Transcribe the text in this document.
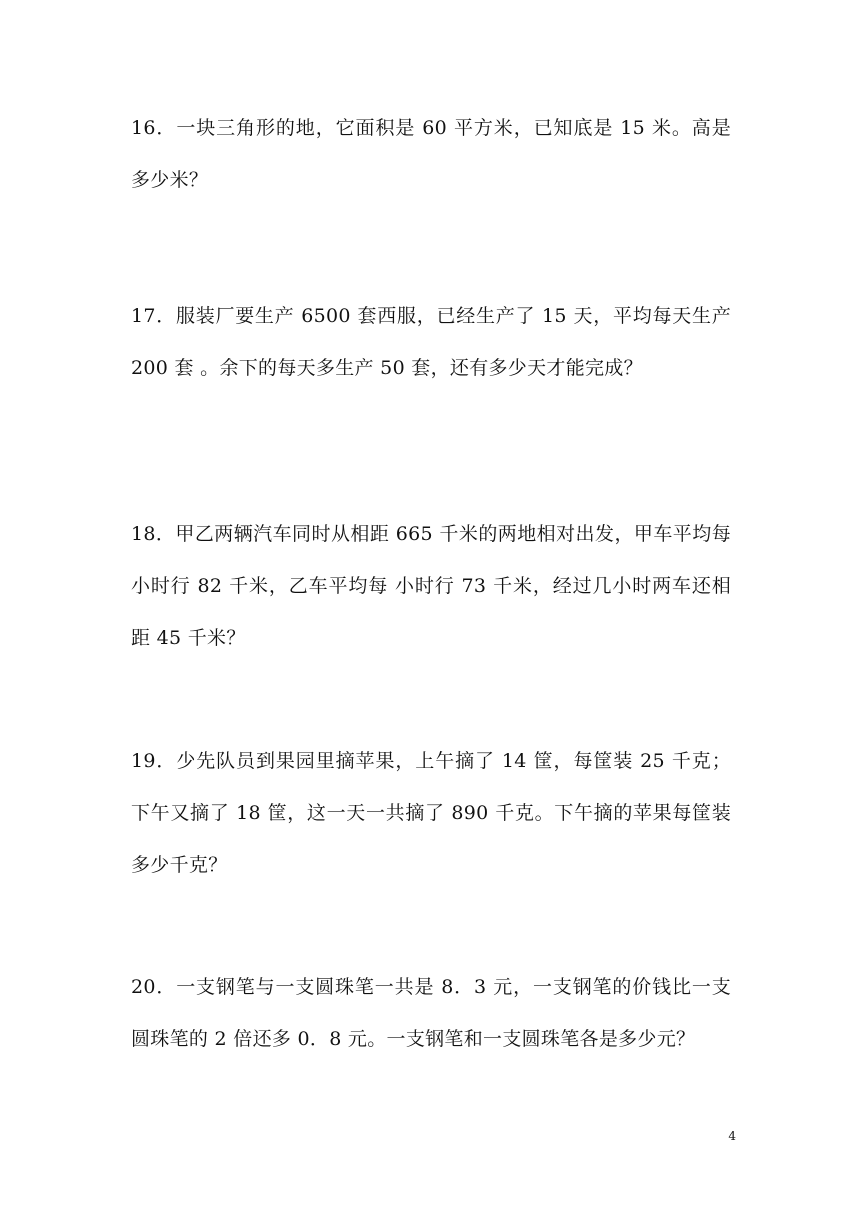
16．一块三角形的地，它面积是 60 平方米，已知底是 15 米。高是多少米？
17．服装厂要生产 6500 套西服，已经生产了 15 天，平均每天生产 200 套 。余下的每天多生产 50 套，还有多少天才能完成？
18．甲乙两辆汽车同时从相距 665 千米的两地相对出发，甲车平均每小时行 82 千米，乙车平均每 小时行 73 千米，经过几小时两车还相距 45 千米？
19．少先队员到果园里摘苹果，上午摘了 14 筐，每筐装 25 千克；下午又摘了 18 筐，这一天一共摘了 890 千克。下午摘的苹果每筐装多少千克？
20．一支钢笔与一支圆珠笔一共是 8．3 元，一支钢笔的价钱比一支圆珠笔的 2 倍还多 0．8 元。一支钢笔和一支圆珠笔各是多少元？
4
